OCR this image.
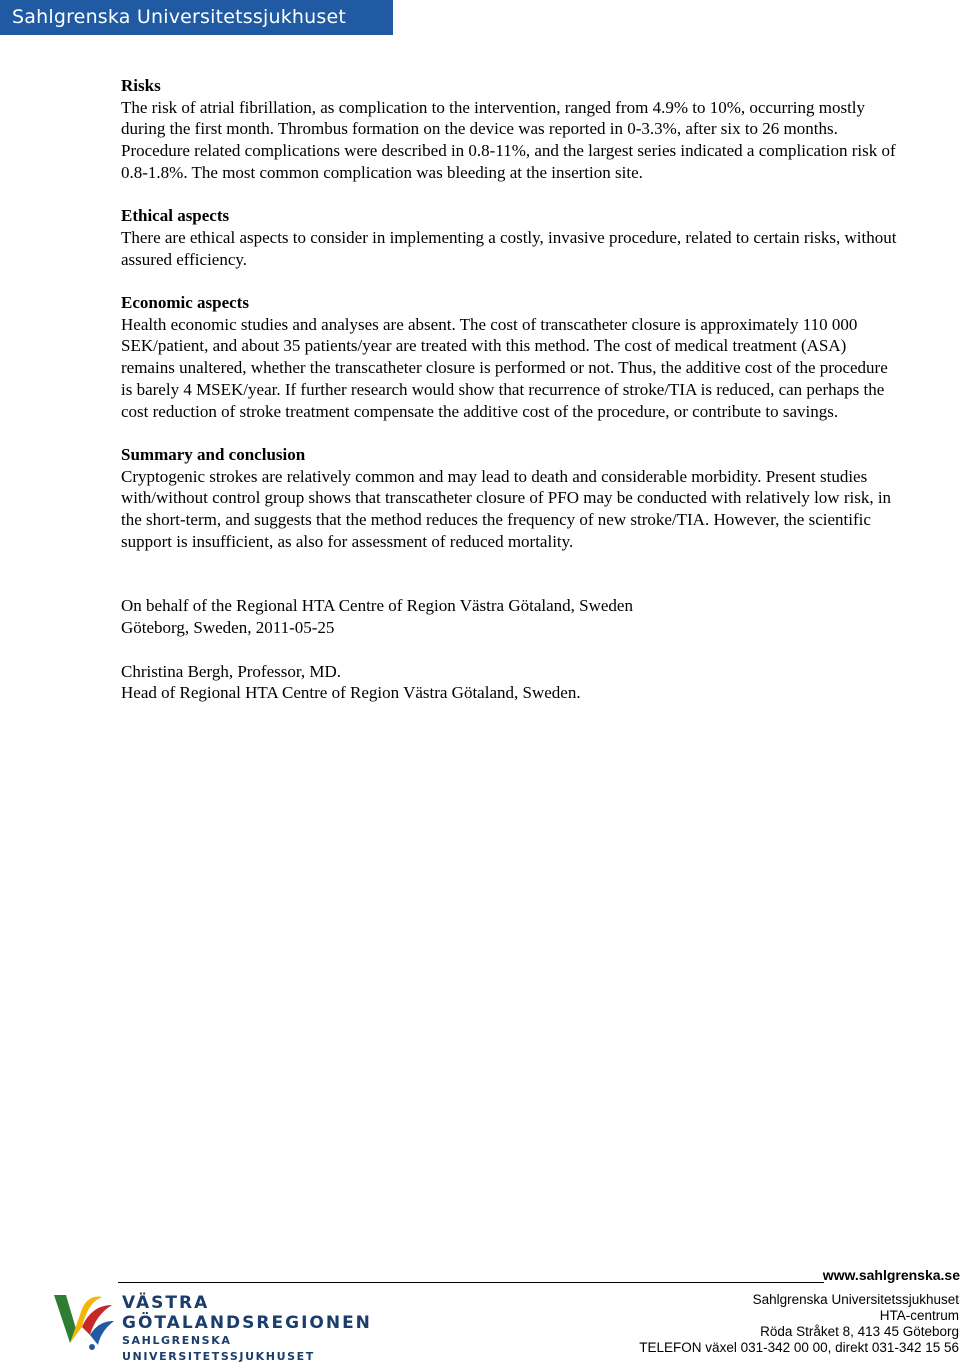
Sahlgrenska Universitetssjukhuset
Risks
The risk of atrial fibrillation, as complication to the intervention, ranged from 4.9% to 10%, occurring mostly during the first month. Thrombus formation on the device was reported in 0-3.3%, after six to 26 months. Procedure related complications were described in 0.8-11%, and the largest series indicated a complication risk of 0.8-1.8%. The most common complication was bleeding at the insertion site.
Ethical aspects
There are ethical aspects to consider in implementing a costly, invasive procedure, related to certain risks, without assured efficiency.
Economic aspects
Health economic studies and analyses are absent. The cost of transcatheter closure is approximately 110 000 SEK/patient, and about 35 patients/year are treated with this method. The cost of medical treatment (ASA) remains unaltered, whether the transcatheter closure is performed or not. Thus, the additive cost of the procedure is barely 4 MSEK/year. If further research would show that recurrence of stroke/TIA is reduced, can perhaps the cost reduction of stroke treatment compensate the additive cost of the procedure, or contribute to savings.
Summary and conclusion
Cryptogenic strokes are relatively common and may lead to death and considerable morbidity. Present studies with/without control group shows that transcatheter closure of PFO may be conducted with relatively low risk, in the short-term, and suggests that the method reduces the frequency of new stroke/TIA. However, the scientific support is insufficient, as also for assessment of reduced mortality.
On behalf of the Regional HTA Centre of Region Västra Götaland, Sweden
Göteborg, Sweden, 2011-05-25
Christina Bergh, Professor, MD.
Head of Regional HTA Centre of Region Västra Götaland, Sweden.
www.sahlgrenska.se
Sahlgrenska Universitetssjukhuset
HTA-centrum
Röda Stråket 8, 413 45 Göteborg
TELEFON växel 031-342 00 00, direkt 031-342 15 56
VÄSTRA
GÖTALANDSREGIONEN
SAHLGRENSKA UNIVERSITETSSJUKHUSET
